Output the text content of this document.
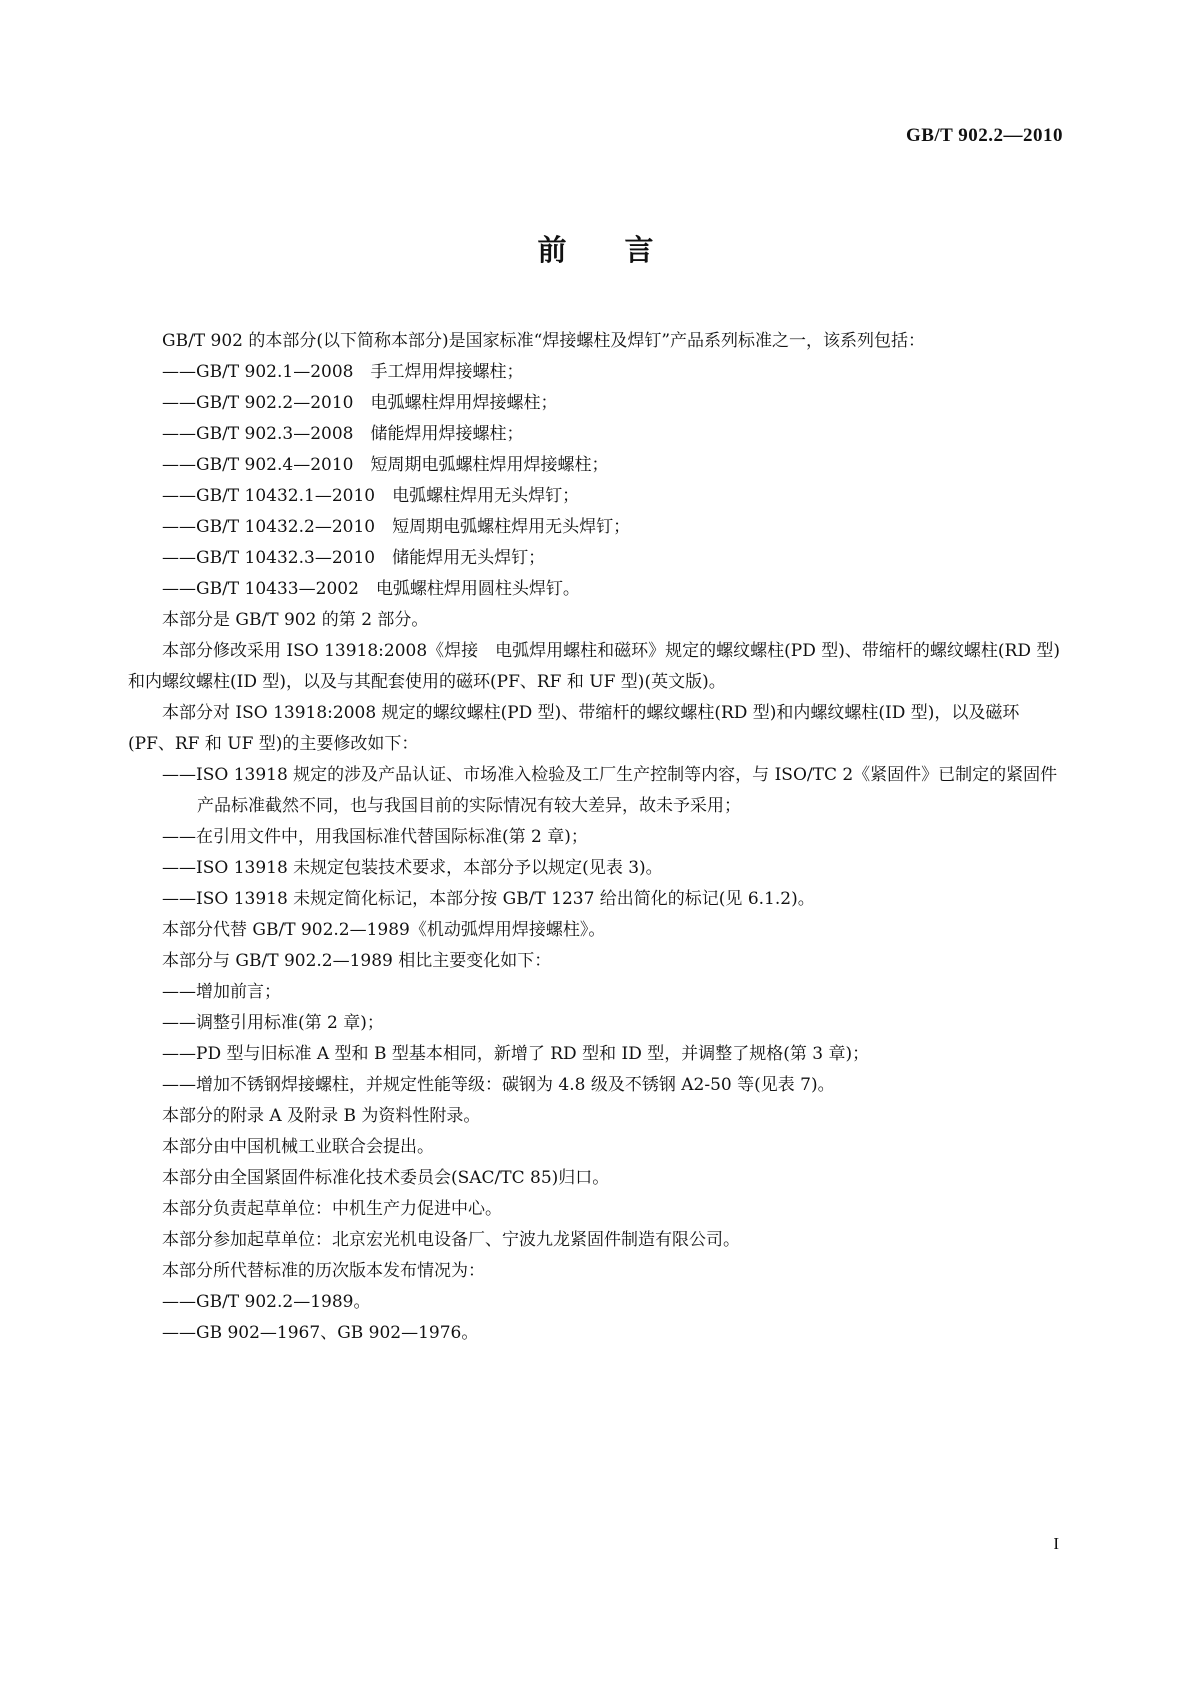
GB/T 902.2—2010
前言

GB/T 902 的本部分(以下简称本部分)是国家标准“焊接螺柱及焊钉”产品系列标准之一，该系列包括：

——GB/T 902.1—2008　手工焊用焊接螺柱；

——GB/T 902.2—2010　电弧螺柱焊用焊接螺柱；

——GB/T 902.3—2008　储能焊用焊接螺柱；

——GB/T 902.4—2010　短周期电弧螺柱焊用焊接螺柱；

——GB/T 10432.1—2010　电弧螺柱焊用无头焊钉；

——GB/T 10432.2—2010　短周期电弧螺柱焊用无头焊钉；

——GB/T 10432.3—2010　储能焊用无头焊钉；

——GB/T 10433—2002　电弧螺柱焊用圆柱头焊钉。

本部分是 GB/T 902 的第 2 部分。

本部分修改采用 ISO 13918:2008《焊接　电弧焊用螺柱和磁环》规定的螺纹螺柱(PD 型)、带缩杆的螺纹螺柱(RD 型)和内螺纹螺柱(ID 型)，以及与其配套使用的磁环(PF、RF 和 UF 型)(英文版)。

本部分对 ISO 13918:2008 规定的螺纹螺柱(PD 型)、带缩杆的螺纹螺柱(RD 型)和内螺纹螺柱(ID 型)，以及磁环(PF、RF 和 UF 型)的主要修改如下：

——ISO 13918 规定的涉及产品认证、市场准入检验及工厂生产控制等内容，与 ISO/TC 2《紧固件》已制定的紧固件产品标准截然不同，也与我国目前的实际情况有较大差异，故未予采用；

——在引用文件中，用我国标准代替国际标准(第 2 章)；

——ISO 13918 未规定包装技术要求，本部分予以规定(见表 3)。

——ISO 13918 未规定简化标记，本部分按 GB/T 1237 给出简化的标记(见 6.1.2)。

本部分代替 GB/T 902.2—1989《机动弧焊用焊接螺柱》。

本部分与 GB/T 902.2—1989 相比主要变化如下：

——增加前言；

——调整引用标准(第 2 章)；

——PD 型与旧标准 A 型和 B 型基本相同，新增了 RD 型和 ID 型，并调整了规格(第 3 章)；

——增加不锈钢焊接螺柱，并规定性能等级：碳钢为 4.8 级及不锈钢 A2-50 等(见表 7)。

本部分的附录 A 及附录 B 为资料性附录。

本部分由中国机械工业联合会提出。

本部分由全国紧固件标准化技术委员会(SAC/TC 85)归口。

本部分负责起草单位：中机生产力促进中心。

本部分参加起草单位：北京宏光机电设备厂、宁波九龙紧固件制造有限公司。

本部分所代替标准的历次版本发布情况为：

——GB/T 902.2—1989。

——GB 902—1967、GB 902—1976。

I
